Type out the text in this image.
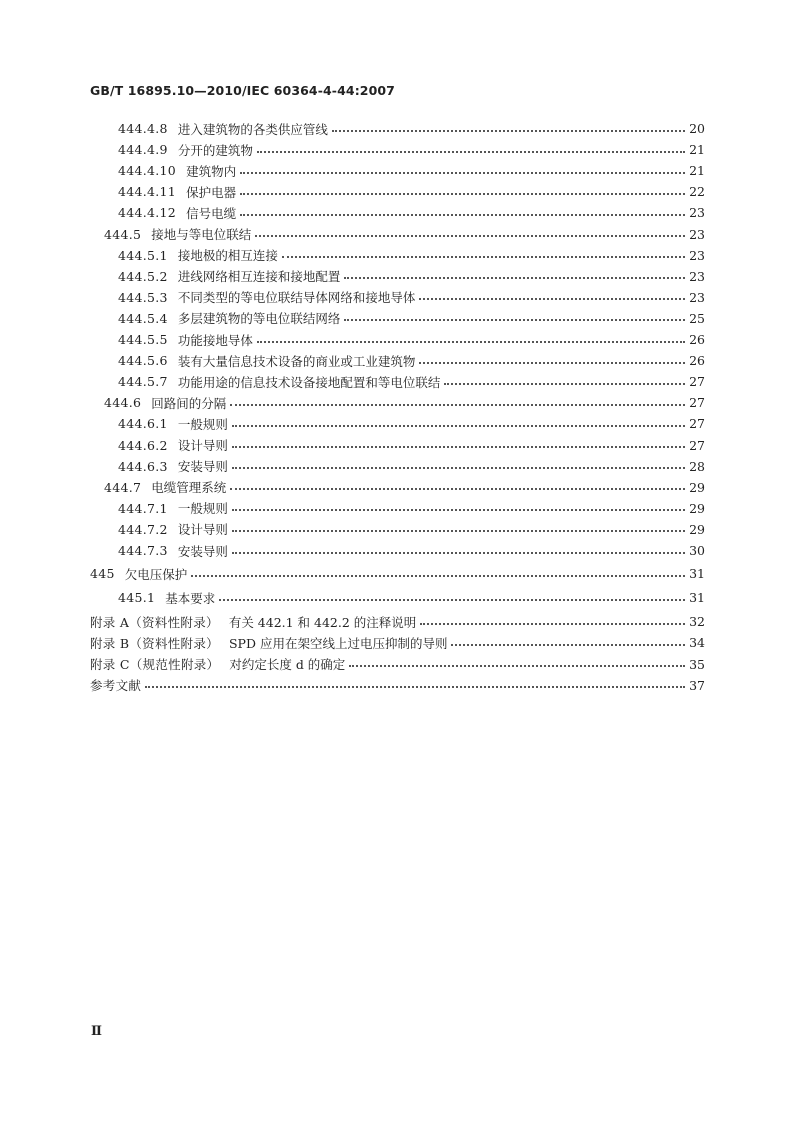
GB/T 16895.10—2010/IEC 60364-4-44:2007
444.4.8 进入建筑物的各类供应管线	20
444.4.9 分开的建筑物	21
444.4.10 建筑物内	21
444.4.11 保护电器	22
444.4.12 信号电缆	23
444.5 接地与等电位联结	23
444.5.1 接地极的相互连接	23
444.5.2 进线网络相互连接和接地配置	23
444.5.3 不同类型的等电位联结导体网络和接地导体	23
444.5.4 多层建筑物的等电位联结网络	25
444.5.5 功能接地导体	26
444.5.6 装有大量信息技术设备的商业或工业建筑物	26
444.5.7 功能用途的信息技术设备接地配置和等电位联结	27
444.6 回路间的分隔	27
444.6.1 一般规则	27
444.6.2 设计导则	27
444.6.3 安装导则	28
444.7 电缆管理系统	29
444.7.1 一般规则	29
444.7.2 设计导则	29
444.7.3 安装导则	30
445 欠电压保护	31
445.1 基本要求	31
附录 A（资料性附录） 有关 442.1 和 442.2 的注释说明	32
附录 B（资料性附录） SPD 应用在架空线上过电压抑制的导则	34
附录 C（规范性附录） 对约定长度 d 的确定	35
参考文献	37
Ⅱ
